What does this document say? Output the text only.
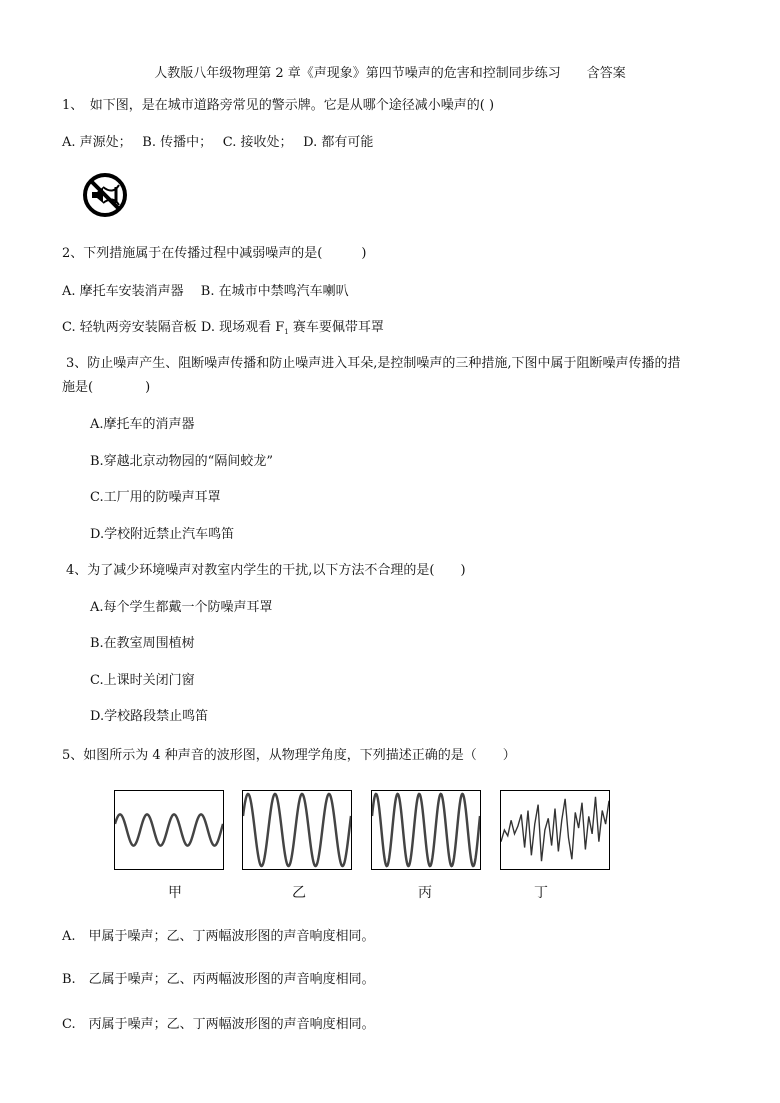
人教版八年级物理第 2 章《声现象》第四节噪声的危害和控制同步练习　　含答案
1、　如下图，是在城市道路旁常见的警示牌。它是从哪个途径减小噪声的( )
A. 声源处；　 B. 传播中；　 C. 接收处；　 D. 都有可能
2、下列措施属于在传播过程中减弱噪声的是(　　　)
A. 摩托车安装消声器　 B. 在城市中禁鸣汽车喇叭
C. 轻轨两旁安装隔音板 D. 现场观看 $F_1$ 赛车要佩带耳罩
3、防止噪声产生、阻断噪声传播和防止噪声进入耳朵,是控制噪声的三种措施,下图中属于阻断噪声传播的措
施是(　　　　)
A.摩托车的消声器
B.穿越北京动物园的“隔间蛟龙”
C.工厂用的防噪声耳罩
D.学校附近禁止汽车鸣笛
4、为了减少环境噪声对教室内学生的干扰,以下方法不合理的是(　　)
A.每个学生都戴一个防噪声耳罩
B.在教室周围植树
C.上课时关闭门窗
D.学校路段禁止鸣笛
5、如图所示为 4 种声音的波形图，从物理学角度，下列描述正确的是（　　）
甲	乙	丙	丁
A.　甲属于噪声；乙、丁两幅波形图的声音响度相同。
B.　乙属于噪声；乙、丙两幅波形图的声音响度相同。
C.　丙属于噪声；乙、丁两幅波形图的声音响度相同。
